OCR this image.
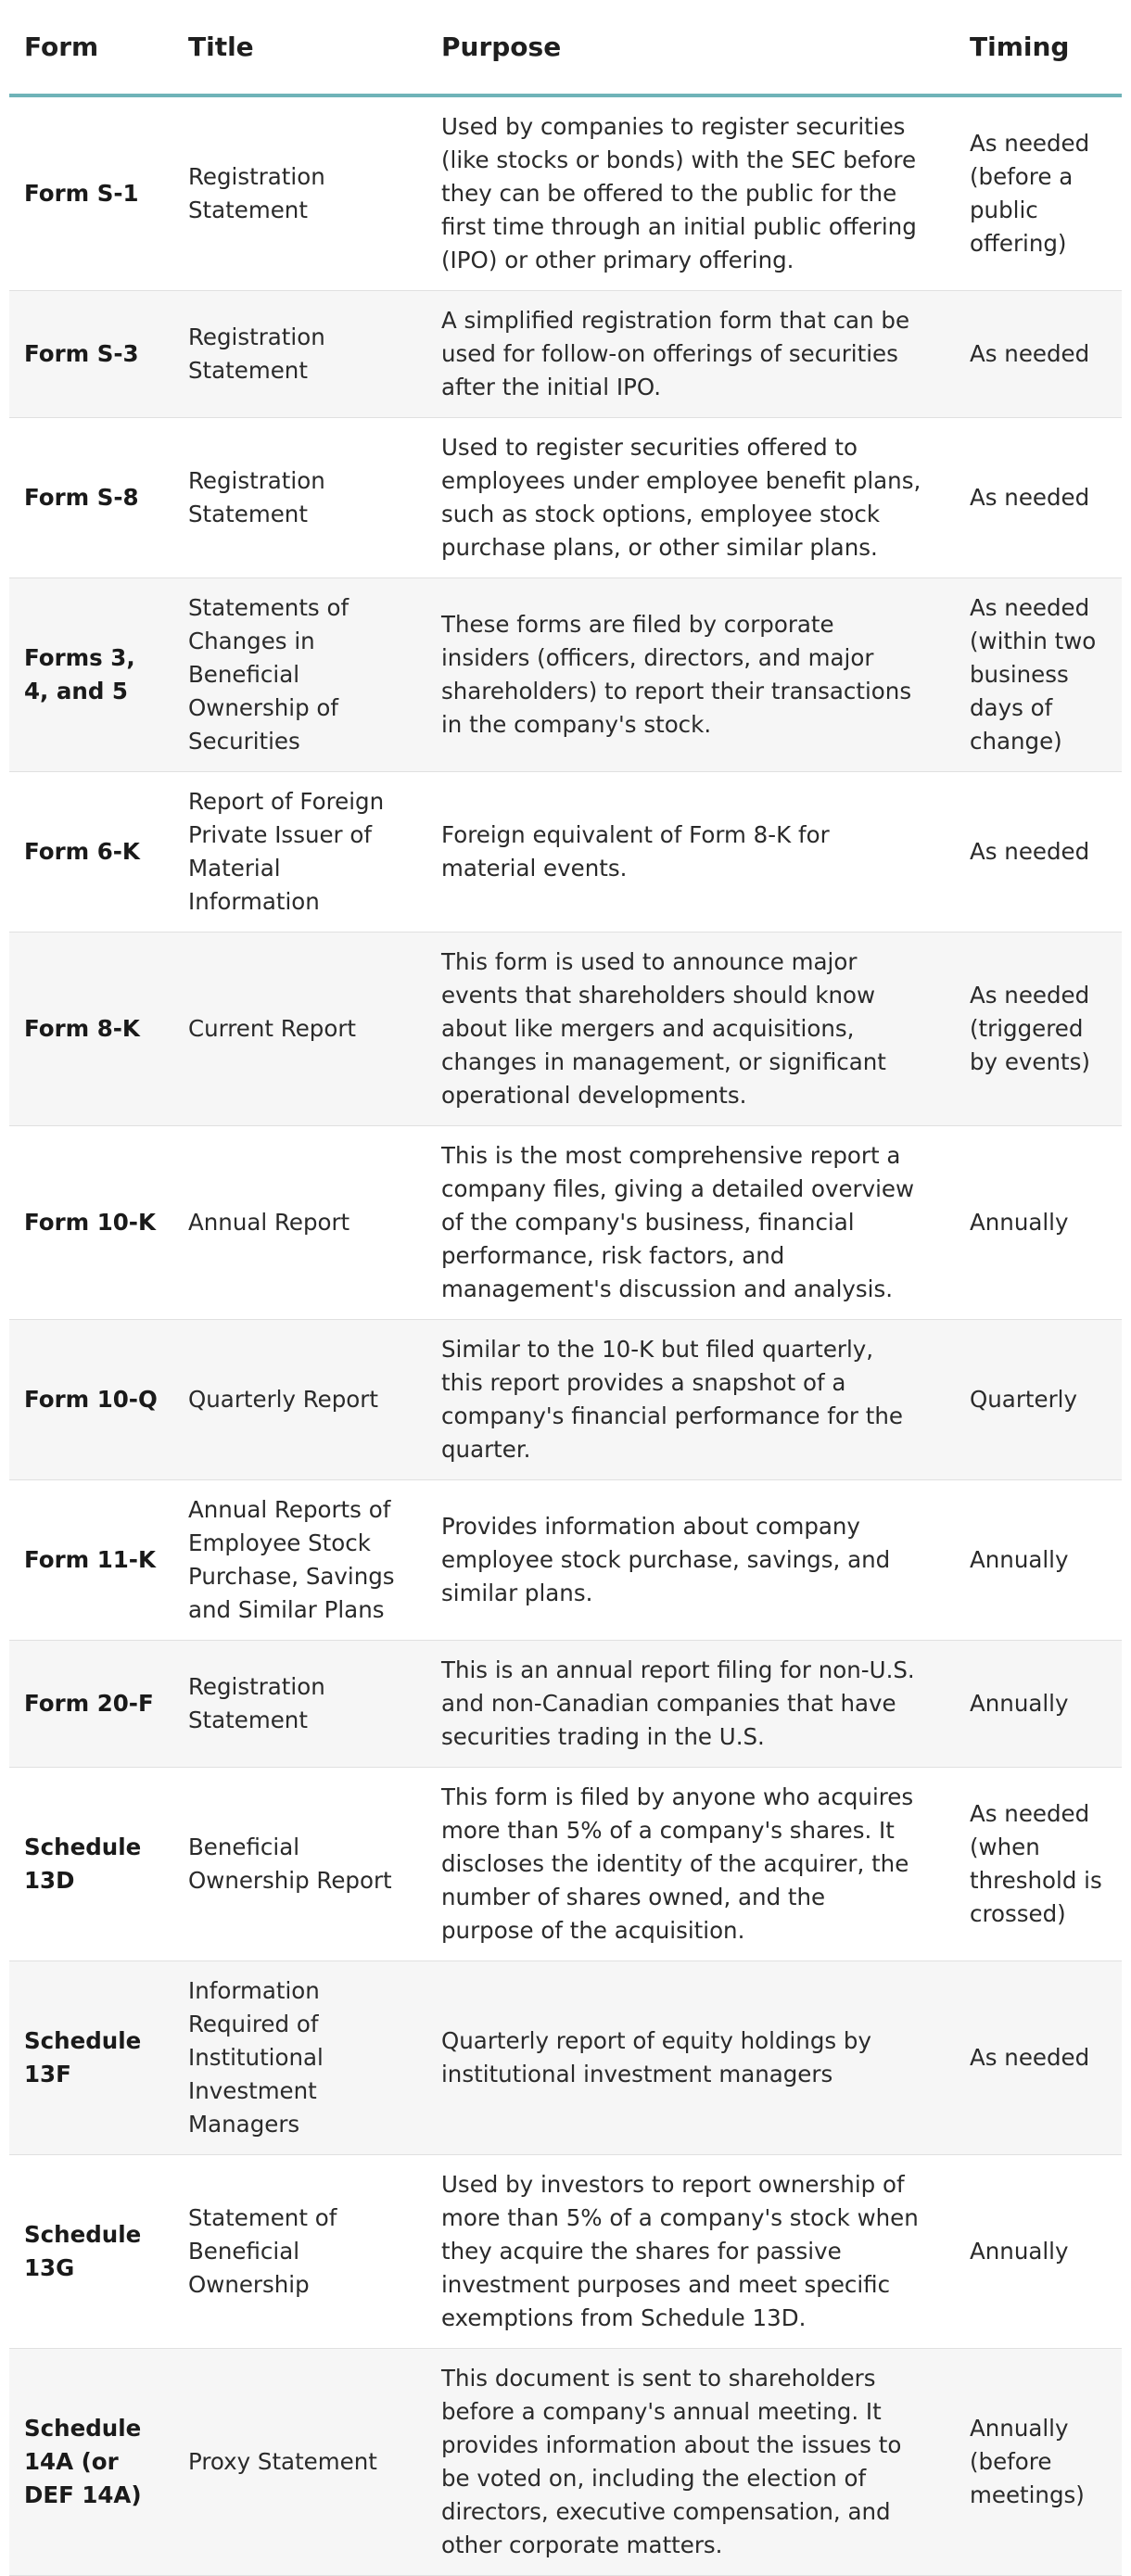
Form	Title	Purpose	Timing
Form S-1	Registration Statement	Used by companies to register securities (like stocks or bonds) with the SEC before they can be offered to the public for the first time through an initial public offering (IPO) or other primary offering.	As needed (before a public offering)
Form S-3	Registration Statement	A simplified registration form that can be used for follow-on offerings of securities after the initial IPO.	As needed
Form S-8	Registration Statement	Used to register securities offered to employees under employee benefit plans, such as stock options, employee stock purchase plans, or other similar plans.	As needed
Forms 3, 4, and 5	Statements of Changes in Beneficial Ownership of Securities	These forms are filed by corporate insiders (officers, directors, and major shareholders) to report their transactions in the company's stock.	As needed (within two business days of change)
Form 6-K	Report of Foreign Private Issuer of Material Information	Foreign equivalent of Form 8-K for material events.	As needed
Form 8-K	Current Report	This form is used to announce major events that shareholders should know about like mergers and acquisitions, changes in management, or significant operational developments.	As needed (triggered by events)
Form 10-K	Annual Report	This is the most comprehensive report a company files, giving a detailed overview of the company's business, financial performance, risk factors, and management's discussion and analysis.	Annually
Form 10-Q	Quarterly Report	Similar to the 10-K but filed quarterly, this report provides a snapshot of a company's financial performance for the quarter.	Quarterly
Form 11-K	Annual Reports of Employee Stock Purchase, Savings and Similar Plans	Provides information about company employee stock purchase, savings, and similar plans.	Annually
Form 20-F	Registration Statement	This is an annual report filing for non-U.S. and non-Canadian companies that have securities trading in the U.S.	Annually
Schedule 13D	Beneficial Ownership Report	This form is filed by anyone who acquires more than 5% of a company's shares. It discloses the identity of the acquirer, the number of shares owned, and the purpose of the acquisition.	As needed (when threshold is crossed)
Schedule 13F	Information Required of Institutional Investment Managers	Quarterly report of equity holdings by institutional investment managers	As needed
Schedule 13G	Statement of Beneficial Ownership	Used by investors to report ownership of more than 5% of a company's stock when they acquire the shares for passive investment purposes and meet specific exemptions from Schedule 13D.	Annually
Schedule 14A (or DEF 14A)	Proxy Statement	This document is sent to shareholders before a company's annual meeting. It provides information about the issues to be voted on, including the election of directors, executive compensation, and other corporate matters.	Annually (before meetings)
